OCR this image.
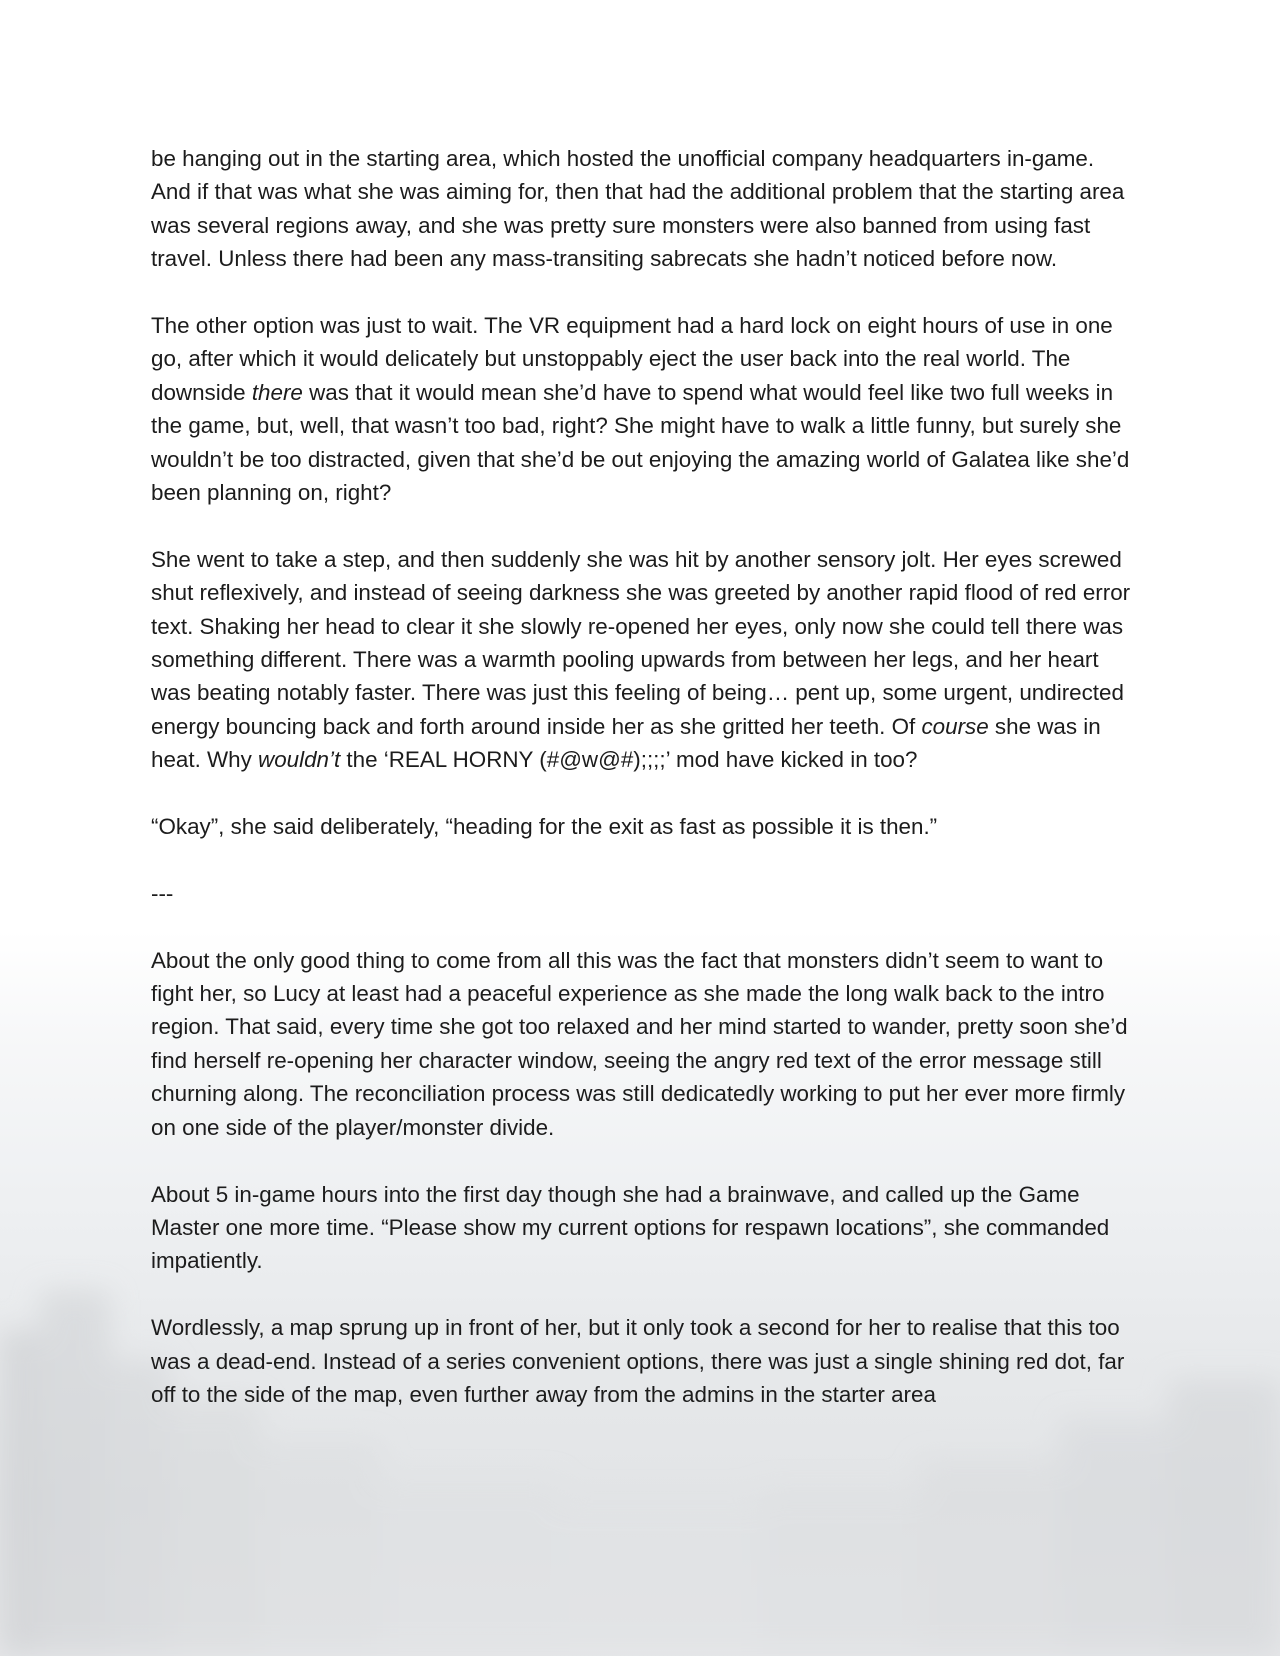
be hanging out in the starting area, which hosted the unofficial company headquarters in-game. And if that was what she was aiming for, then that had the additional problem that the starting area was several regions away, and she was pretty sure monsters were also banned from using fast travel. Unless there had been any mass-transiting sabrecats she hadn’t noticed before now.

The other option was just to wait. The VR equipment had a hard lock on eight hours of use in one go, after which it would delicately but unstoppably eject the user back into the real world. The downside there was that it would mean she’d have to spend what would feel like two full weeks in the game, but, well, that wasn’t too bad, right? She might have to walk a little funny, but surely she wouldn’t be too distracted, given that she’d be out enjoying the amazing world of Galatea like she’d been planning on, right?

She went to take a step, and then suddenly she was hit by another sensory jolt. Her eyes screwed shut reflexively, and instead of seeing darkness she was greeted by another rapid flood of red error text. Shaking her head to clear it she slowly re-opened her eyes, only now she could tell there was something different. There was a warmth pooling upwards from between her legs, and her heart was beating notably faster. There was just this feeling of being… pent up, some urgent, undirected energy bouncing back and forth around inside her as she gritted her teeth. Of course she was in heat. Why wouldn’t the ‘REAL HORNY (#@w@#);;;;’ mod have kicked in too?

“Okay”, she said deliberately, “heading for the exit as fast as possible it is then.”

---

About the only good thing to come from all this was the fact that monsters didn’t seem to want to fight her, so Lucy at least had a peaceful experience as she made the long walk back to the intro region. That said, every time she got too relaxed and her mind started to wander, pretty soon she’d find herself re-opening her character window, seeing the angry red text of the error message still churning along. The reconciliation process was still dedicatedly working to put her ever more firmly on one side of the player/monster divide.

About 5 in-game hours into the first day though she had a brainwave, and called up the Game Master one more time. “Please show my current options for respawn locations”, she commanded impatiently.

Wordlessly, a map sprung up in front of her, but it only took a second for her to realise that this too was a dead-end. Instead of a series convenient options, there was just a single shining red dot, far off to the side of the map, even further away from the admins in the starter area
